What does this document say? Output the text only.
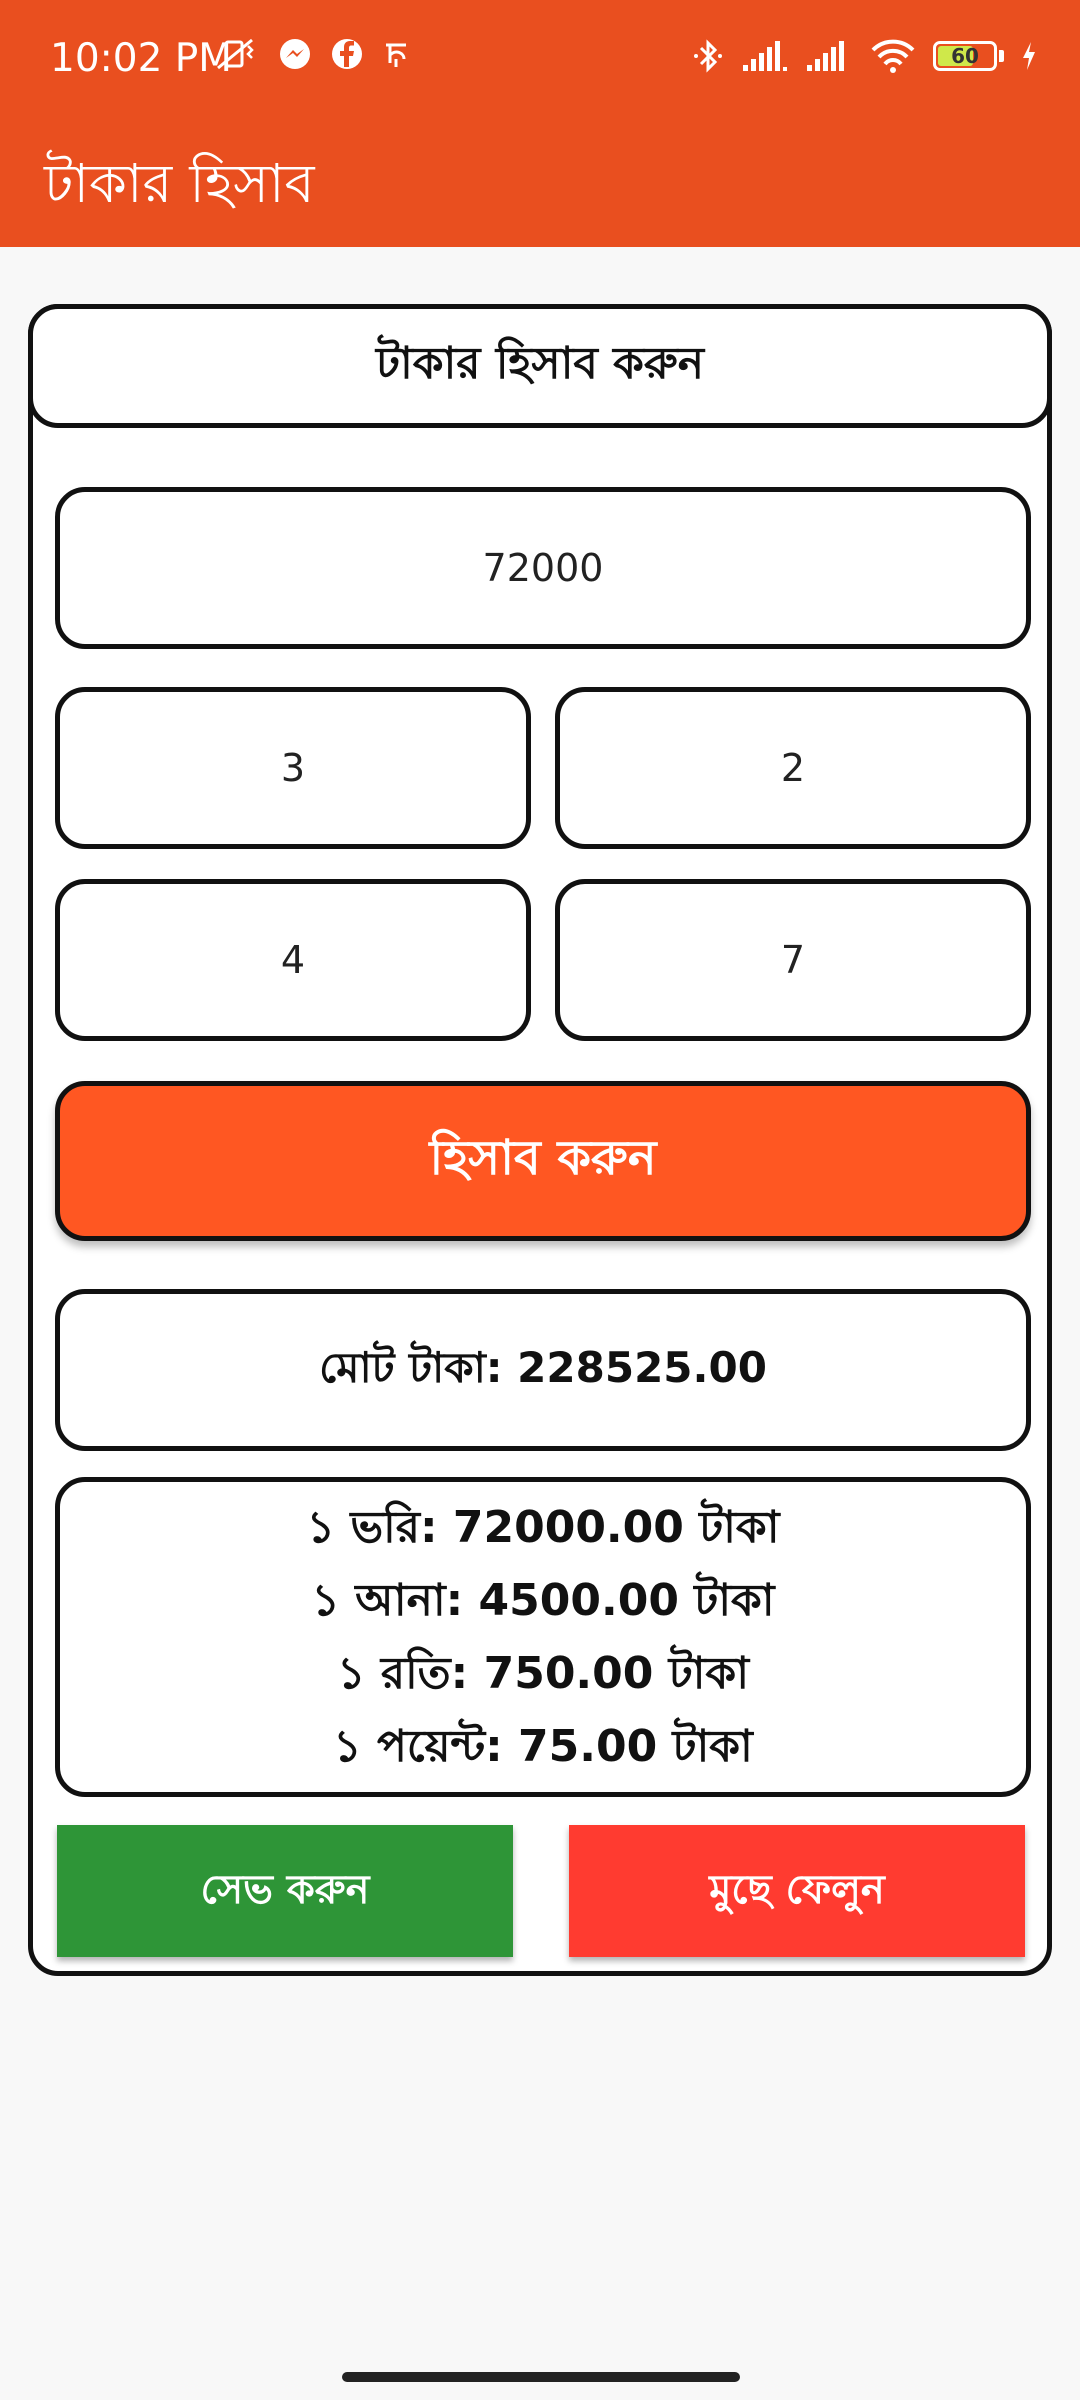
10:02 PM	60
টাকার হিসাব
টাকার হিসাব করুন
72000
3	2
4	7
হিসাব করুন
মোট টাকা: 228525.00
১ ভরি: 72000.00 টাকা
১ আনা: 4500.00 টাকা
১ রতি: 750.00 টাকা
১ পয়েন্ট: 75.00 টাকা
সেভ করুন	মুছে ফেলুন
